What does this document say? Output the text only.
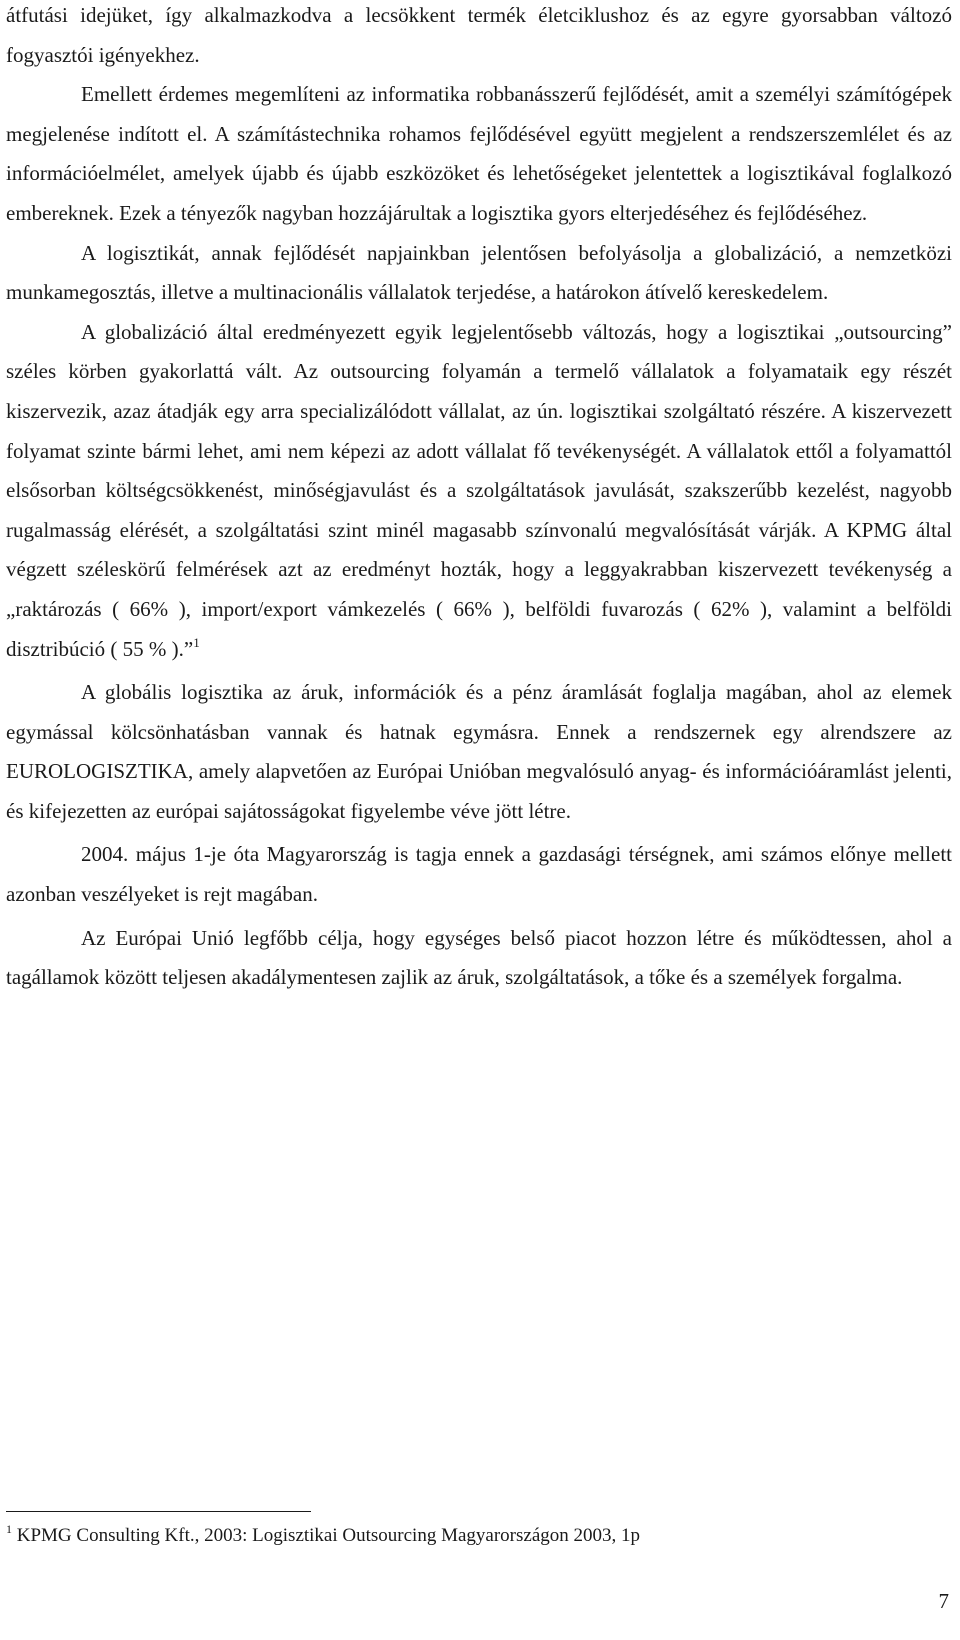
átfutási idejüket, így alkalmazkodva a lecsökkent termék életciklushoz és az egyre gyorsabban változó fogyasztói igényekhez.

Emellett érdemes megemlíteni az informatika robbanásszerű fejlődését, amit a személyi számítógépek megjelenése indított el. A számítástechnika rohamos fejlődésével együtt megjelent a rendszerszemlélet és az információelmélet, amelyek újabb és újabb eszközöket és lehetőségeket jelentettek a logisztikával foglalkozó embereknek. Ezek a tényezők nagyban hozzájárultak a logisztika gyors elterjedéséhez és fejlődéséhez.

A logisztikát, annak fejlődését napjainkban jelentősen befolyásolja a globalizáció, a nemzetközi munkamegosztás, illetve a multinacionális vállalatok terjedése, a határokon átívelő kereskedelem.

A globalizáció által eredményezett egyik legjelentősebb változás, hogy a logisztikai „outsourcing” széles körben gyakorlattá vált. Az outsourcing folyamán a termelő vállalatok a folyamataik egy részét kiszervezik, azaz átadják egy arra specializálódott vállalat, az ún. logisztikai szolgáltató részére. A kiszervezett folyamat szinte bármi lehet, ami nem képezi az adott vállalat fő tevékenységét. A vállalatok ettől a folyamattól elsősorban költségcsökkenést, minőségjavulást és a szolgáltatások javulását, szakszerűbb kezelést, nagyobb rugalmasság elérését, a szolgáltatási szint minél magasabb színvonalú megvalósítását várják. A KPMG által végzett széleskörű felmérések azt az eredményt hozták, hogy a leggyakrabban kiszervezett tevékenység a „raktározás ( 66% ), import/export vámkezelés ( 66% ), belföldi fuvarozás ( 62% ), valamint a belföldi disztribúció ( 55 % ).”$^1$

A globális logisztika az áruk, információk és a pénz áramlását foglalja magában, ahol az elemek egymással kölcsönhatásban vannak és hatnak egymásra. Ennek a rendszernek egy alrendszere az EUROLOGISZTIKA, amely alapvetően az Európai Unióban megvalósuló anyag- és információáramlást jelenti, és kifejezetten az európai sajátosságokat figyelembe véve jött létre.

2004. május 1-je óta Magyarország is tagja ennek a gazdasági térségnek, ami számos előnye mellett azonban veszélyeket is rejt magában.

Az Európai Unió legfőbb célja, hogy egységes belső piacot hozzon létre és működtessen, ahol a tagállamok között teljesen akadálymentesen zajlik az áruk, szolgáltatások, a tőke és a személyek forgalma.

$^1$ KPMG Consulting Kft., 2003: Logisztikai Outsourcing Magyarországon 2003, 1p
7
